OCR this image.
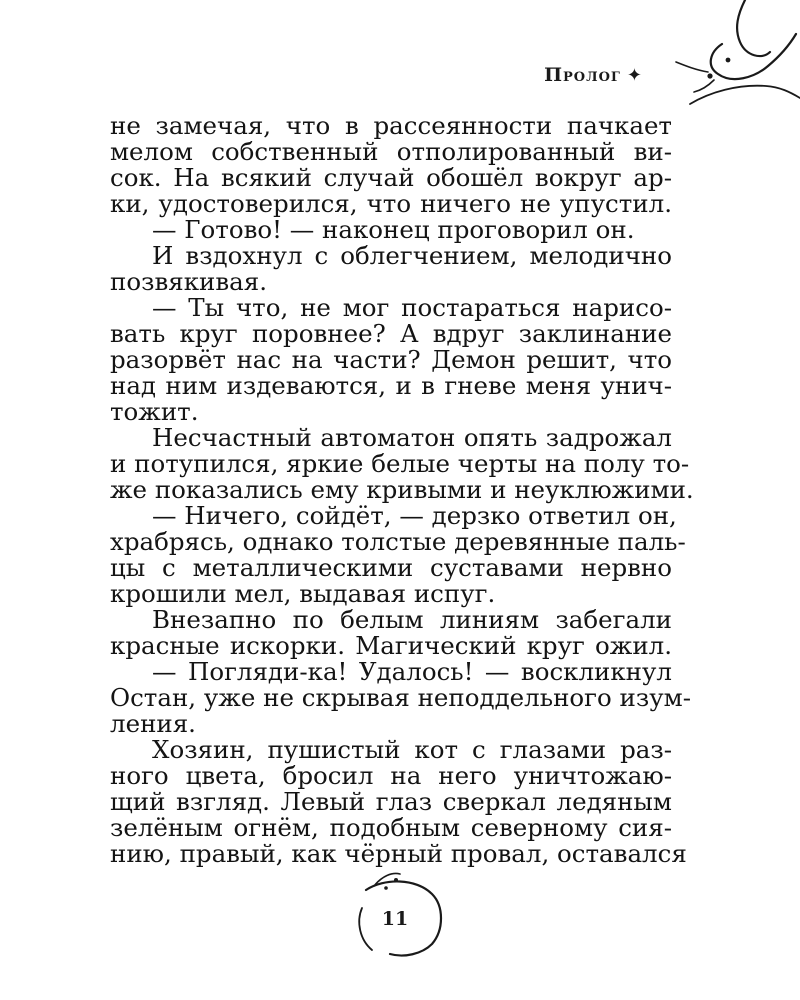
Пролог ✦
не замечая, что в рассеянности пачкает
мелом собственный отполированный ви-
сок. На всякий случай обошёл вокруг ар-
ки, удостоверился, что ничего не упустил.
— Готово! — наконец проговорил он.
И вздохнул с облегчением, мелодично
позвякивая.
— Ты что, не мог постараться нарисо-
вать круг поровнее? А вдруг заклинание
разорвёт нас на части? Демон решит, что
над ним издеваются, и в гневе меня унич-
тожит.
Несчастный автоматон опять задрожал
и потупился, яркие белые черты на полу то-
же показались ему кривыми и неуклюжими.
— Ничего, сойдёт, — дерзко ответил он,
храбрясь, однако толстые деревянные паль-
цы с металлическими суставами нервно
крошили мел, выдавая испуг.
Внезапно по белым линиям забегали
красные искорки. Магический круг ожил.
— Погляди-ка! Удалось! — воскликнул
Остан, уже не скрывая неподдельного изум-
ления.
Хозяин, пушистый кот с глазами раз-
ного цвета, бросил на него уничтожаю-
щий взгляд. Левый глаз сверкал ледяным
зелёным огнём, подобным северному сия-
нию, правый, как чёрный провал, оставался
11
